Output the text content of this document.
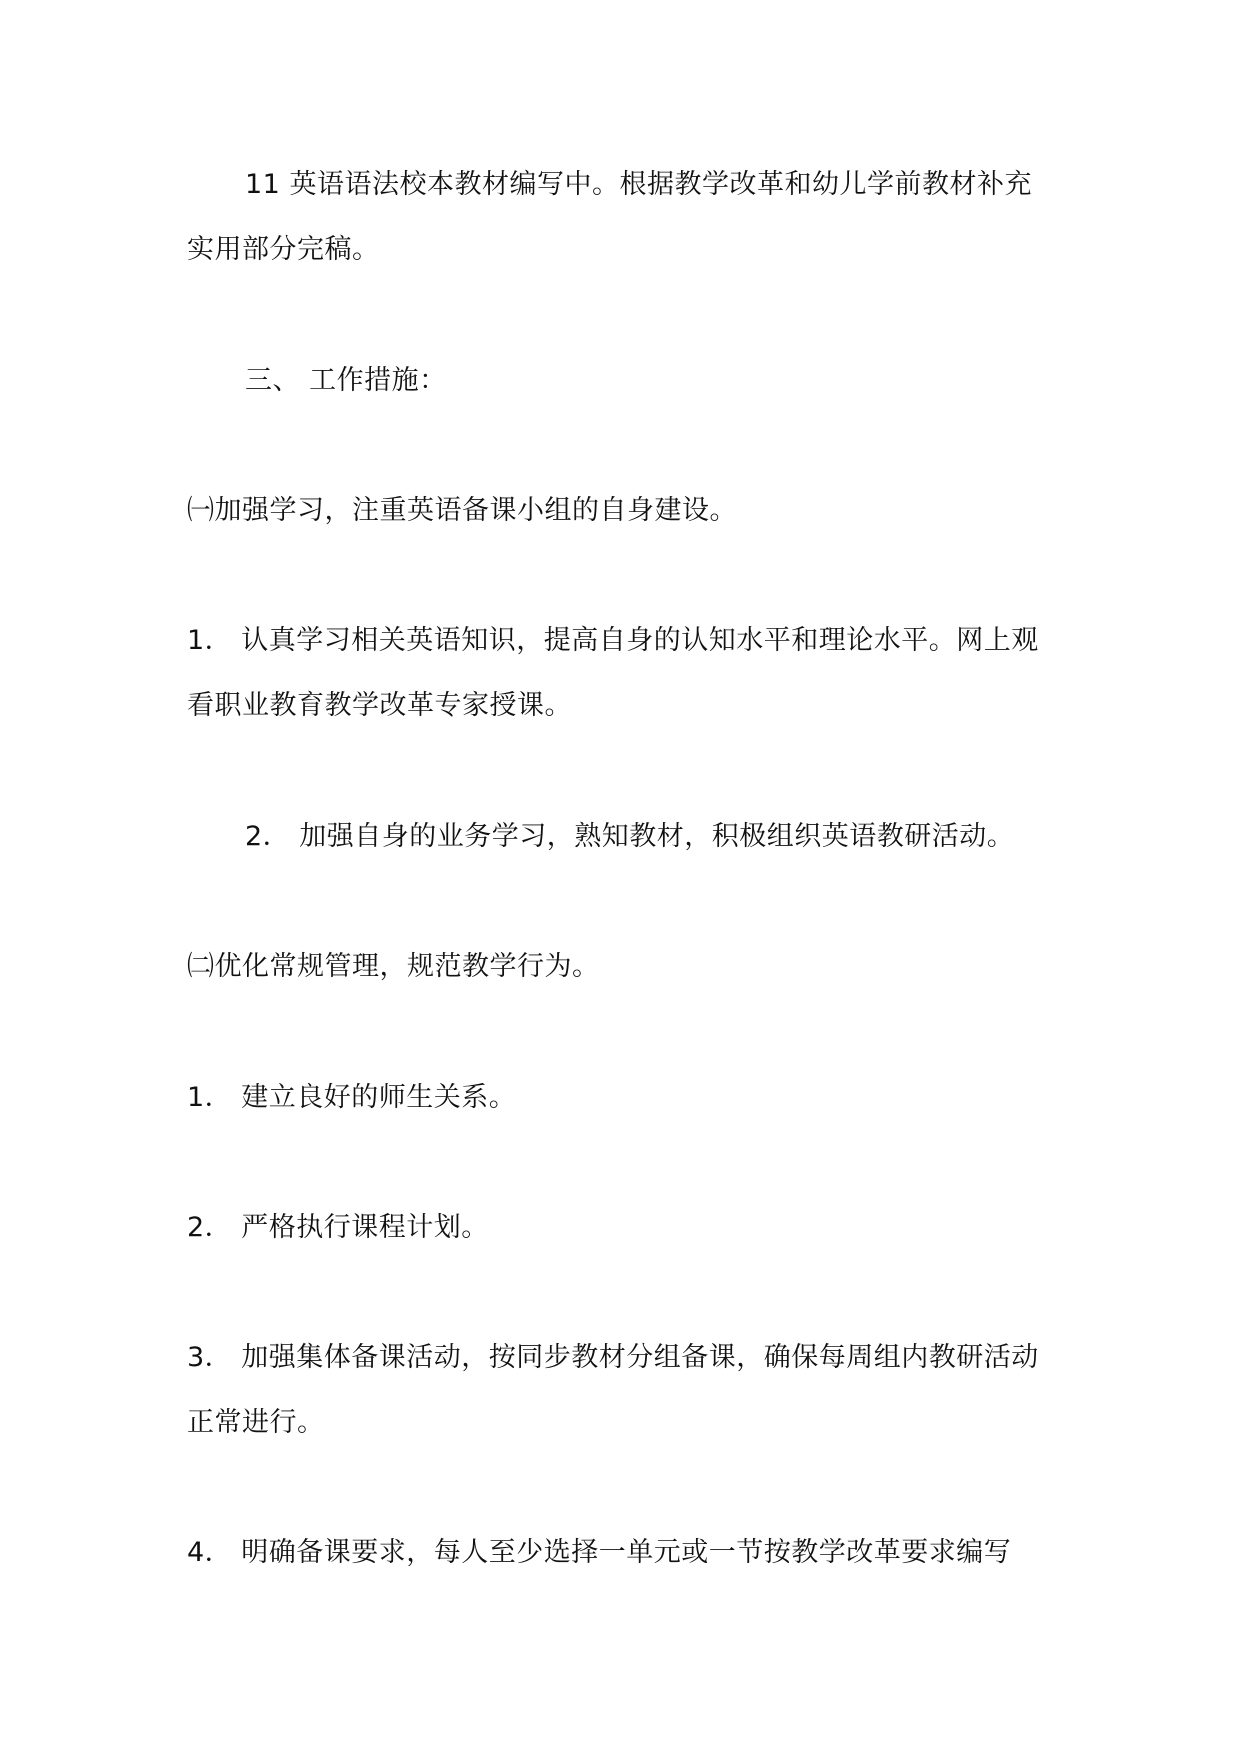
11 英语语法校本教材编写中。根据教学改革和幼儿学前教材补充实用部分完稿。

三、 工作措施：

㈠加强学习，注重英语备课小组的自身建设。

1． 认真学习相关英语知识，提高自身的认知水平和理论水平。网上观看职业教育教学改革专家授课。

2． 加强自身的业务学习，熟知教材，积极组织英语教研活动。

㈡优化常规管理，规范教学行为。

1． 建立良好的师生关系。

2． 严格执行课程计划。

3． 加强集体备课活动，按同步教材分组备课，确保每周组内教研活动正常进行。

4． 明确备课要求，每人至少选择一单元或一节按教学改革要求编写
